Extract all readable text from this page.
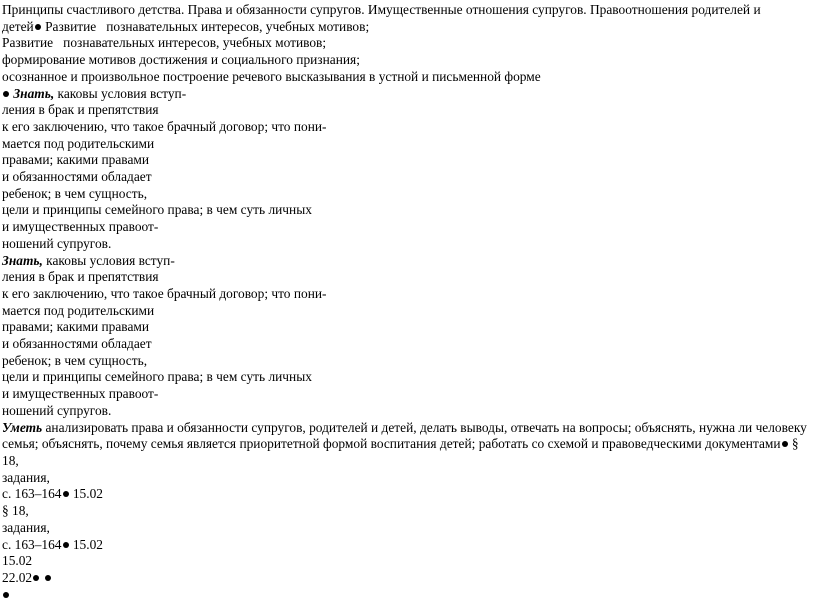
Принципы счастливого детства. Права и обязанности супругов. Имущественные отношения супругов. Правоотношения родителей и
детей Развитие   познавательных интересов, учебных мотивов;
Развитие   познавательных интересов, учебных мотивов;
формирование мотивов достижения и социального признания;
осознанное и произвольное построение речевого высказывания в устной и письменной форме
Знать, каковы условия вступ-
ления в брак и препятствия
к его заключению, что такое брачный договор; что пони-
мается под родительскими
правами; какими правами
и обязанностями обладает
ребенок; в чем сущность,
цели и принципы семейного права; в чем суть личных
и имущественных правоот-
ношений супругов.
Знать, каковы условия вступ-
ления в брак и препятствия
к его заключению, что такое брачный договор; что пони-
мается под родительскими
правами; какими правами
и обязанностями обладает
ребенок; в чем сущность,
цели и принципы семейного права; в чем суть личных
и имущественных правоот-
ношений супругов.
Уметь анализировать права и обязанности супругов, родителей и детей, делать выводы, отвечать на вопросы; объяснять, нужна ли человеку семья; объяснять, почему семья является приоритетной формой воспитания детей; работать со схемой и правоведческими документами § 18,
задания,
с. 163–164 15.02
§ 18,
задания,
с. 163–164 15.02
15.02
22.02
